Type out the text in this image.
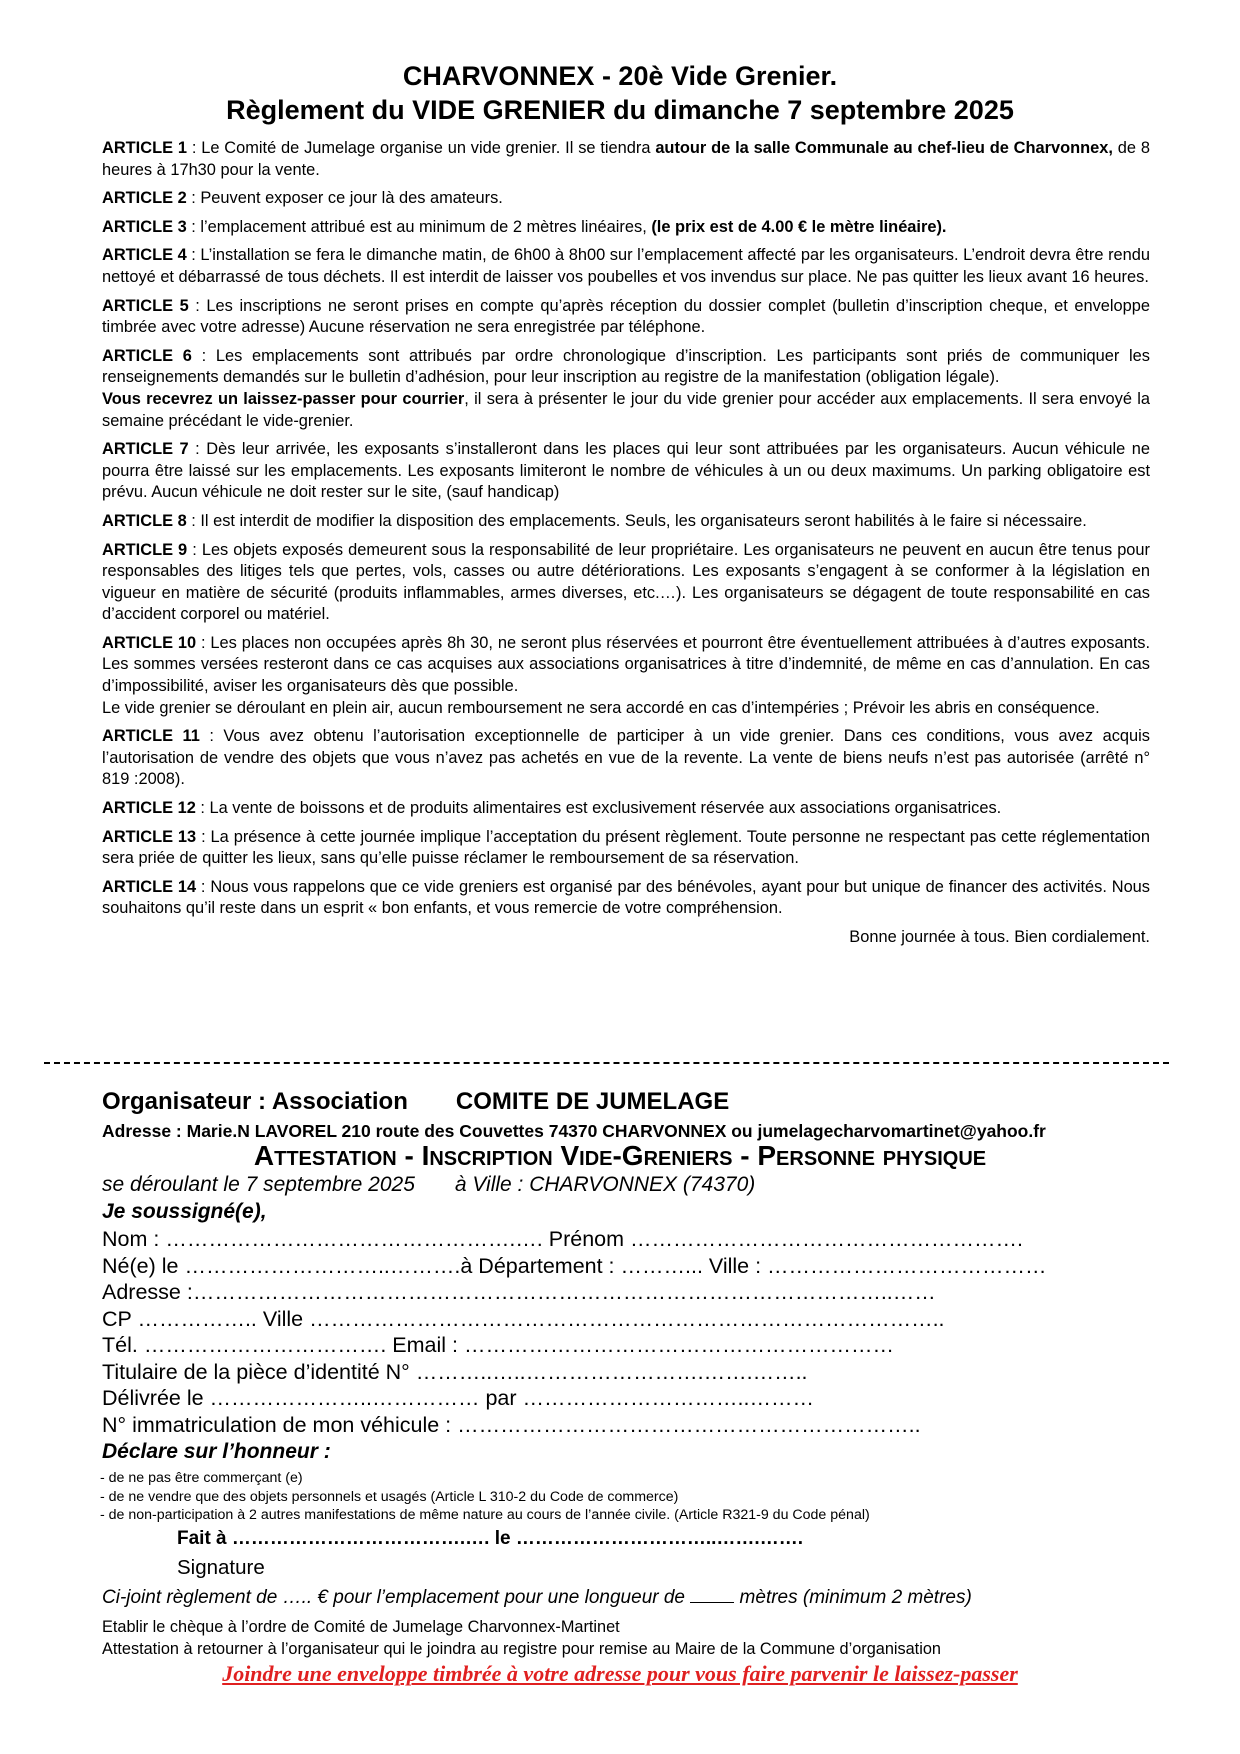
CHARVONNEX - 20è Vide Grenier.
Règlement du VIDE GRENIER du dimanche 7 septembre 2025

ARTICLE 1 : Le Comité de Jumelage organise un vide grenier. Il se tiendra autour de la salle Communale au chef-lieu de Charvonnex, de 8 heures à 17h30 pour la vente.

ARTICLE 2 : Peuvent exposer ce jour là des amateurs.

ARTICLE 3 : l’emplacement attribué est au minimum de 2 mètres linéaires, (le prix est de 4.00 € le mètre linéaire).

ARTICLE 4 : L’installation se fera le dimanche matin, de 6h00 à 8h00 sur l’emplacement affecté par les organisateurs. L’endroit devra être rendu nettoyé et débarrassé de tous déchets. Il est interdit de laisser vos poubelles et vos invendus sur place. Ne pas quitter les lieux avant 16 heures.

ARTICLE 5 : Les inscriptions ne seront prises en compte qu’après réception du dossier complet (bulletin d’inscription cheque, et enveloppe timbrée avec votre adresse) Aucune réservation ne sera enregistrée par téléphone.

ARTICLE 6 : Les emplacements sont attribués par ordre chronologique d’inscription. Les participants sont priés de communiquer les renseignements demandés sur le bulletin d’adhésion, pour leur inscription au registre de la manifestation (obligation légale).

Vous recevrez un laissez-passer pour courrier, il sera à présenter le jour du vide grenier pour accéder aux emplacements. Il sera envoyé la semaine précédant le vide-grenier.

ARTICLE 7 : Dès leur arrivée, les exposants s’installeront dans les places qui leur sont attribuées par les organisateurs. Aucun véhicule ne pourra être laissé sur les emplacements. Les exposants limiteront le nombre de véhicules à un ou deux maximums. Un parking obligatoire est prévu. Aucun véhicule ne doit rester sur le site, (sauf handicap)

ARTICLE 8 : Il est interdit de modifier la disposition des emplacements. Seuls, les organisateurs seront habilités à le faire si nécessaire.

ARTICLE 9 : Les objets exposés demeurent sous la responsabilité de leur propriétaire. Les organisateurs ne peuvent en aucun être tenus pour responsables des litiges tels que pertes, vols, casses ou autre détériorations. Les exposants s’engagent à se conformer à la législation en vigueur en matière de sécurité (produits inflammables, armes diverses, etc.…). Les organisateurs se dégagent de toute responsabilité en cas d’accident corporel ou matériel.

ARTICLE 10 : Les places non occupées après 8h 30, ne seront plus réservées et pourront être éventuellement attribuées à d’autres exposants. Les sommes versées resteront dans ce cas acquises aux associations organisatrices à titre d’indemnité, de même en cas d’annulation. En cas d’impossibilité, aviser les organisateurs dès que possible.

Le vide grenier se déroulant en plein air, aucun remboursement ne sera accordé en cas d’intempéries ; Prévoir les abris en conséquence.

ARTICLE 11 : Vous avez obtenu l’autorisation exceptionnelle de participer à un vide grenier. Dans ces conditions, vous avez acquis l’autorisation de vendre des objets que vous n’avez pas achetés en vue de la revente. La vente de biens neufs n’est pas autorisée (arrêté n° 819 :2008).

ARTICLE 12 : La vente de boissons et de produits alimentaires est exclusivement réservée aux associations organisatrices.

ARTICLE 13 : La présence à cette journée implique l’acceptation du présent règlement. Toute personne ne respectant pas cette réglementation sera priée de quitter les lieux, sans qu’elle puisse réclamer le remboursement de sa réservation.

ARTICLE 14 : Nous vous rappelons que ce vide greniers est organisé par des bénévoles, ayant pour but unique de financer des activités. Nous souhaitons qu’il reste dans un esprit « bon enfants, et vous remercie de votre compréhension.

Bonne journée à tous. Bien cordialement.
Organisateur : Association COMITE DE JUMELAGE
Adresse : Marie.N LAVOREL 210 route des Couvettes 74370 CHARVONNEX ou jumelagecharvomartinet@yahoo.fr
Attestation - Inscription Vide-Greniers - Personne physique
se déroulant le 7 septembre 2025 à Ville : CHARVONNEX (74370)
Je soussigné(e),
Nom : ………………………………………….…. Prénom ……………………………………………….
Né(e) le ………………………..……….à Département : ………... Ville : …………………………………
Adresse :……………………………………………………………………………………..……
CP …………….. Ville ……………………………………………………………………………..
Tél. ……………………………. Email : ……………………………………………………
Titulaire de la pièce d’identité N° ………..…..…………………….…….……..
Délivrée le …………………..…………… par …………………………..………
N° immatriculation de mon véhicule : ………………………………………………………..
Déclare sur l’honneur :
- de ne pas être commerçant (e)
- de ne vendre que des objets personnels et usagés (Article L 310-2 du Code de commerce)
- de non-participation à 2 autres manifestations de même nature au cours de l’année civile. (Article R321-9 du Code pénal)
Fait à ……………………………….…. le …………………………..…….…….
Signature
Ci-joint règlement de ….. € pour l’emplacement pour une longueur de  mètres (minimum 2 mètres)
Etablir le chèque à l’ordre de Comité de Jumelage Charvonnex-Martinet
Attestation à retourner à l’organisateur qui le joindra au registre pour remise au Maire de la Commune d’organisation
Joindre une enveloppe timbrée à votre adresse pour vous faire parvenir le laissez-passer
